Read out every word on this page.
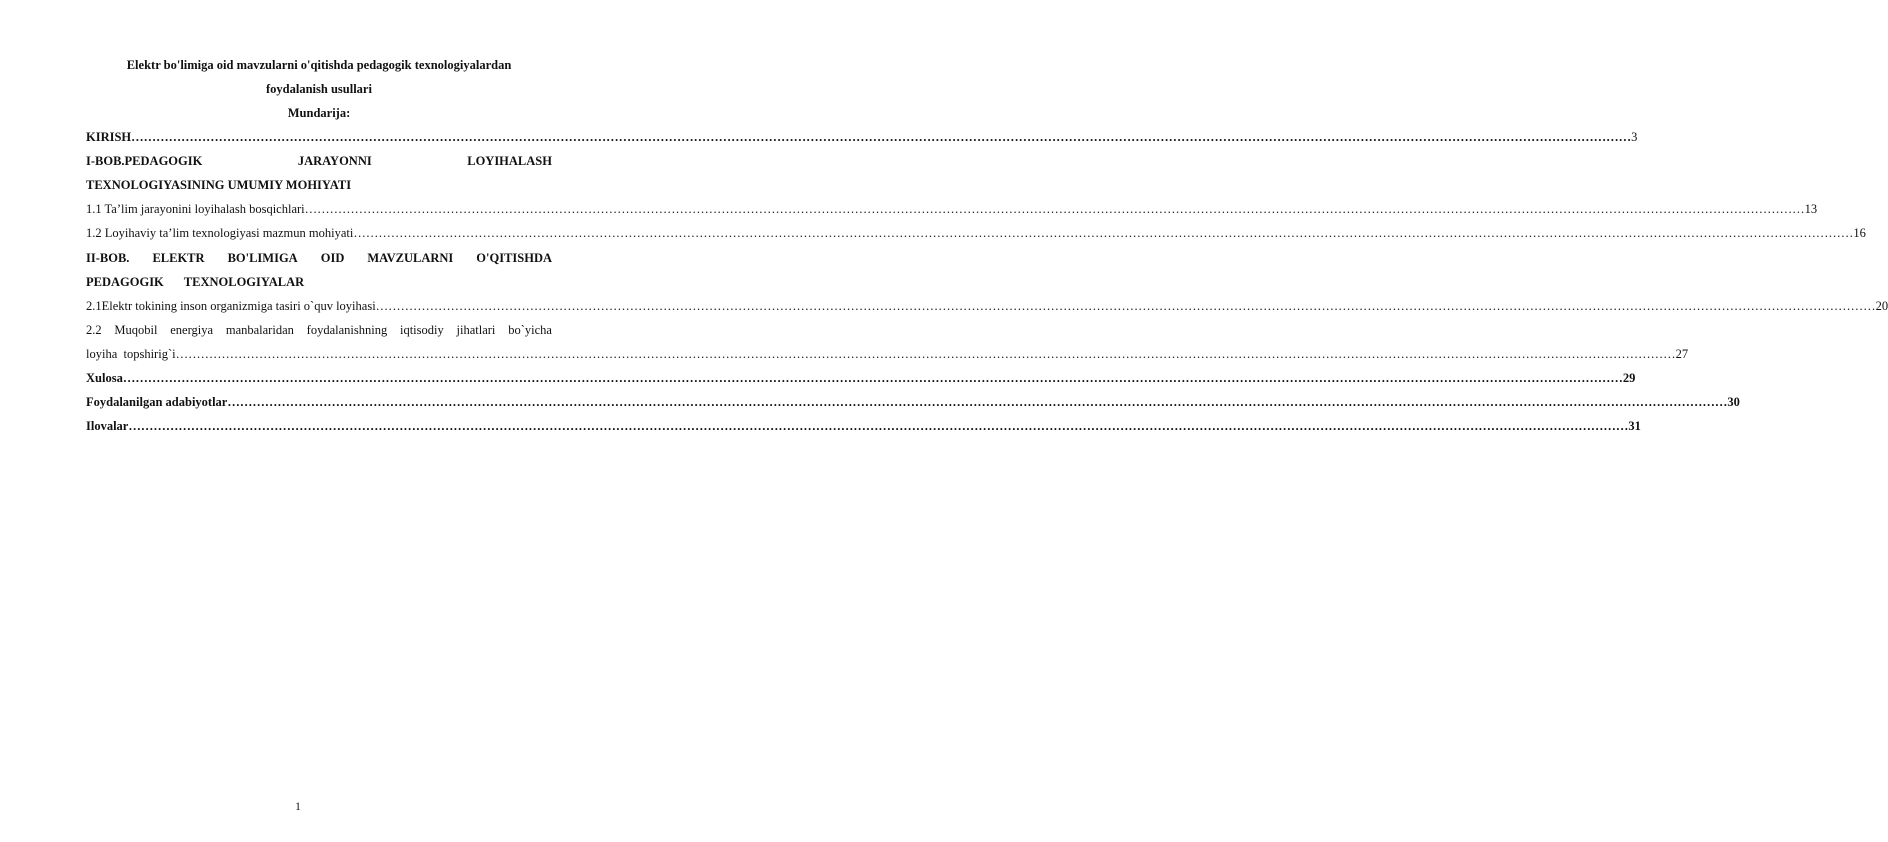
Elektr bo'limiga oid mavzularni o'qitishda pedagogik texnologiyalardan
foydalanish usullari
Mundarija:
KIRISH ……………………………………………………………………………………………………………………………………………………………………………………………………………………………………………………………………………………………………………………………… 3
I-BOB.PEDAGOGIK	JARAYONNI	LOYIHALASH
TEXNOLOGIYASINING UMUMIY MOHIYATI
1.1 Ta’lim jarayonini loyihalash bosqichlari ……………………………………………………………………………………………………………………………………………………………………………………………………………………………………………………………………………………………………………………………… 13
1.2 Loyihaviy ta’lim texnologiyasi mazmun mohiyati ……………………………………………………………………………………………………………………………………………………………………………………………………………………………………………………………………………………………………………………………… 16
II-BOB. ELEKTR BO'LIMIGA OID MAVZULARNI O'QITISHDA
PEDAGOGIK TEXNOLOGIYALAR
2.1Elektr tokining inson organizmiga tasiri o`quv loyihasi ……………………………………………………………………………………………………………………………………………………………………………………………………………………………………………………………………………………………………………………………… 20
2.2 Muqobil energiya manbalaridan foydalanishning iqtisodiy jihatlari bo`yicha
loyiha  topshirig`i ……………………………………………………………………………………………………………………………………………………………………………………………………………………………………………………………………………………………………………………………… 27
Xulosa ……………………………………………………………………………………………………………………………………………………………………………………………………………………………………………………………………………………………………………………………… 29
Foydalanilgan adabiyotlar ……………………………………………………………………………………………………………………………………………………………………………………………………………………………………………………………………………………………………………………………… 30
Ilovalar ……………………………………………………………………………………………………………………………………………………………………………………………………………………………………………………………………………………………………………………………… 31
1
